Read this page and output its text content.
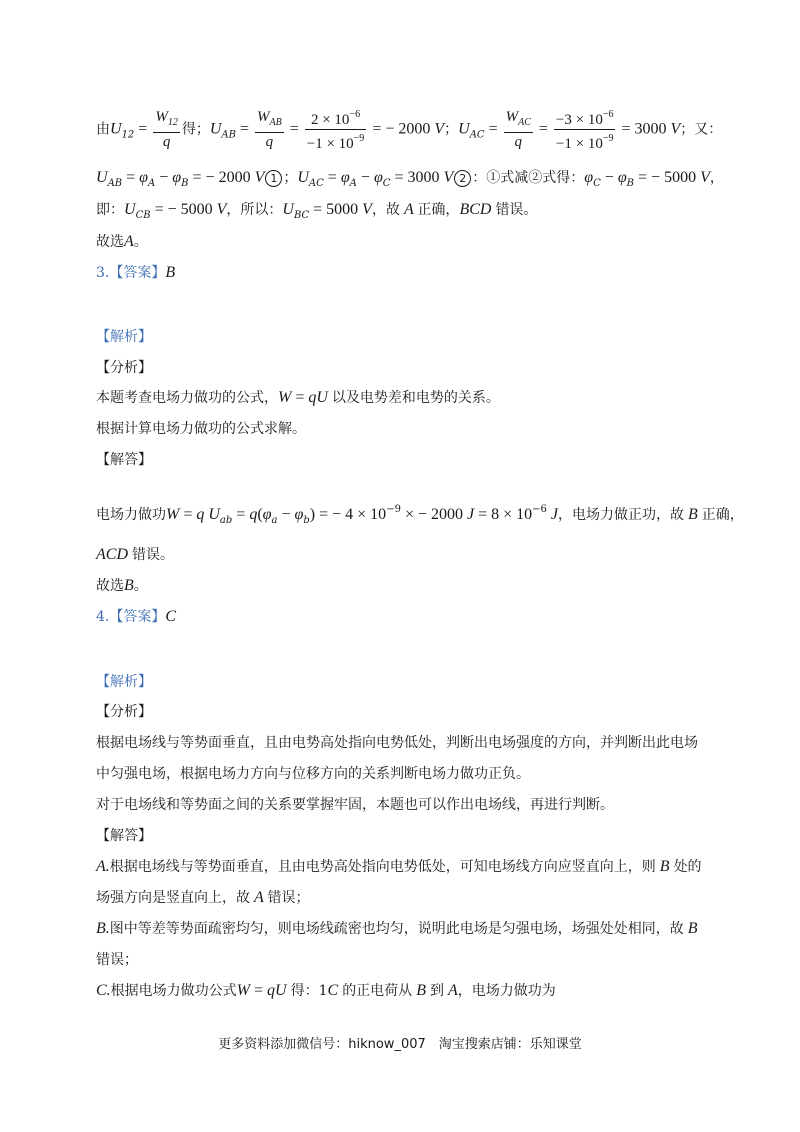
由$U_{12} = \frac{W_{12}}{q}$ 得；$U_{AB} = \frac{W_{AB}}{q} = \frac{2 \times 10^{-6}}{-1 \times 10^{-9}}$ = − 2000 V；$U_{AC} = \frac{W_{AC}}{q} = \frac{-3 \times 10^{-6}}{-1 \times 10^{-9}} = 3000$ V；又：
$U_{AB} = \varphi_A - \varphi_B$ = − 2000 V 1 ；$U_{AC} = \varphi_A - \varphi_C = 3000$ V 2 ：①式减②式得：$\varphi_C - \varphi_B$ = − 5000 V，
即：$U_{CB}$ = − 5000 V，所以：$U_{BC} = 5000$ V，故 A 正确，BCD 错误。
故选A。
3.【答案】B
【解析】
【分析】
本题考查电场力做功的公式，W = qU 以及电势差和电势的关系。
根据计算电场力做功的公式求解。
【解答】
电场力做功W = q $U_{ab} = q(\varphi_a - \varphi_b)$ = − $4 \times 10^{-9}$ × − 2000 $J = 8 \times 10^{-6}$ J，电场力做正功，故 B 正确，
ACD 错误。
故选B。
4.【答案】C
【解析】
【分析】
根据电场线与等势面垂直，且由电势高处指向电势低处，判断出电场强度的方向，并判断出此电场
中匀强电场，根据电场力方向与位移方向的关系判断电场力做功正负。
对于电场线和等势面之间的关系要掌握牢固，本题也可以作出电场线，再进行判断。
【解答】
A.根据电场线与等势面垂直，且由电势高处指向电势低处，可知电场线方向应竖直向上，则 B 处的
场强方向是竖直向上，故 A 错误；
B.图中等差等势面疏密均匀，则电场线疏密也均匀，说明此电场是匀强电场，场强处处相同，故 B
错误；
C.根据电场力做功公式W = qU 得：1C 的正电荷从 B 到 A，电场力做功为
更多资料添加微信号：hiknow_007　淘宝搜索店铺：乐知课堂
